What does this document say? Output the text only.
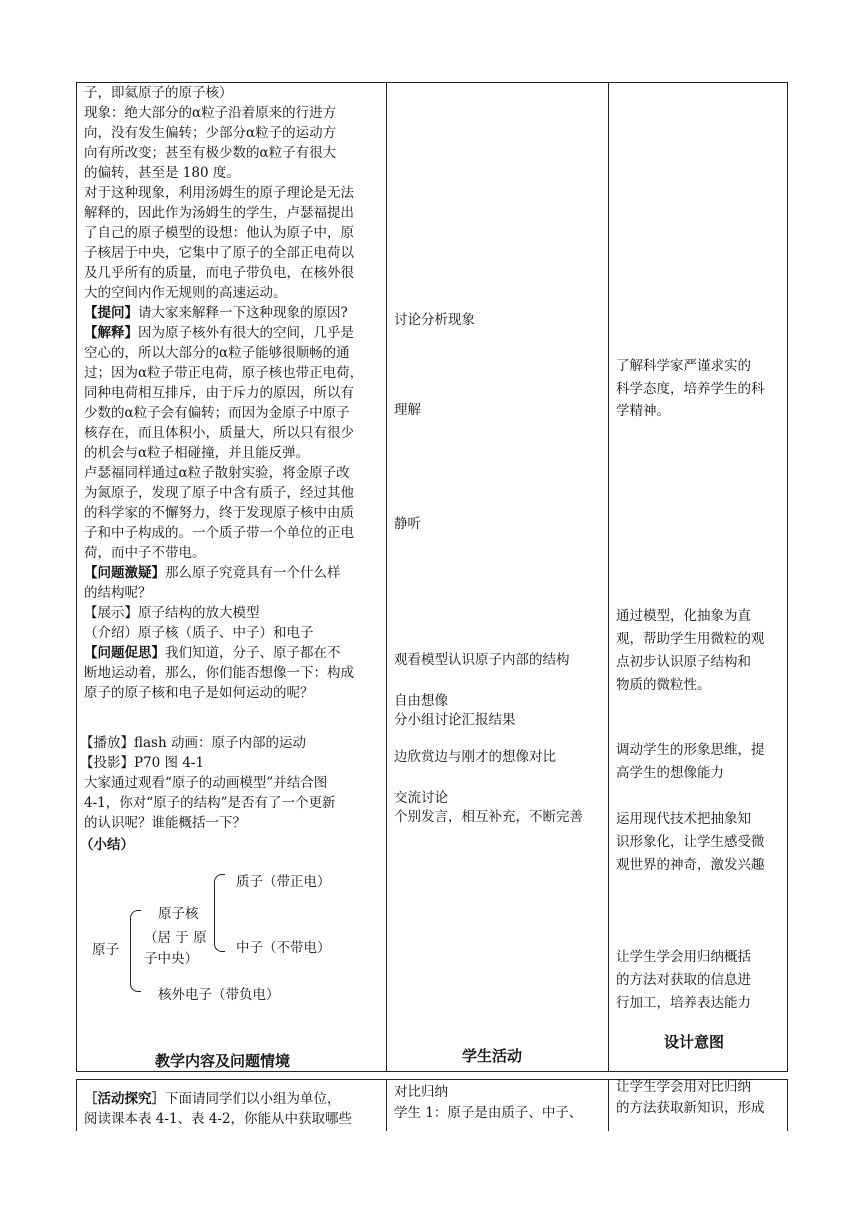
子，即氦原子的原子核）
现象：绝大部分的α粒子沿着原来的行进方
向，没有发生偏转；少部分α粒子的运动方
向有所改变；甚至有极少数的α粒子有很大
的偏转，甚至是 180 度。
对于这种现象，利用汤姆生的原子理论是无法
解释的，因此作为汤姆生的学生，卢瑟福提出
了自己的原子模型的设想：他认为原子中，原
子核居于中央，它集中了原子的全部正电荷以
及几乎所有的质量，而电子带负电，在核外很
大的空间内作无规则的高速运动。
【提问】请大家来解释一下这种现象的原因?
【解释】因为原子核外有很大的空间，几乎是
空心的，所以大部分的α粒子能够很顺畅的通
过；因为α粒子带正电荷，原子核也带正电荷，
同种电荷相互排斥，由于斥力的原因，所以有
少数的α粒子会有偏转；而因为金原子中原子
核存在，而且体积小，质量大，所以只有很少
的机会与α粒子相碰撞，并且能反弹。
卢瑟福同样通过α粒子散射实验，将金原子改
为氮原子，发现了原子中含有质子，经过其他
的科学家的不懈努力，终于发现原子核中由质
子和中子构成的。一个质子带一个单位的正电
荷，而中子不带电。
【问题激疑】那么原子究竟具有一个什么样
的结构呢？
【展示】原子结构的放大模型
（介绍）原子核（质子、中子）和电子
【问题促思】我们知道，分子、原子都在不
断地运动着，那么，你们能否想像一下：构成
原子的原子核和电子是如何运动的呢？
【播放】flash 动画：原子内部的运动
【投影】P70 图 4-1
大家通过观看“原子的动画模型”并结合图
4-1，你对“原子的结构”是否有了一个更新
的认识呢？谁能概括一下？
（小结）
原子
原子核
（居 于 原
子中央）
质子（带正电）
中子（不带电）
核外电子（带负电）
教学内容及问题情境
讨论分析现象
理解
静听
观看模型认识原子内部的结构
自由想像
分小组讨论汇报结果
边欣赏边与刚才的想像对比
交流讨论
个别发言，相互补充，不断完善
学生活动
了解科学家严谨求实的
科学态度，培养学生的科
学精神。
通过模型，化抽象为直
观，帮助学生用微粒的观
点初步认识原子结构和
物质的微粒性。
调动学生的形象思维，提
高学生的想像能力
运用现代技术把抽象知
识形象化，让学生感受微
观世界的神奇，激发兴趣
让学生学会用归纳概括
的方法对获取的信息进
行加工，培养表达能力
设计意图
［活动探究］下面请同学们以小组为单位，
阅读课本表 4-1、表 4-2，你能从中获取哪些
对比归纳
学生 1：原子是由质子、中子、
让学生学会用对比归纳
的方法获取新知识，形成
